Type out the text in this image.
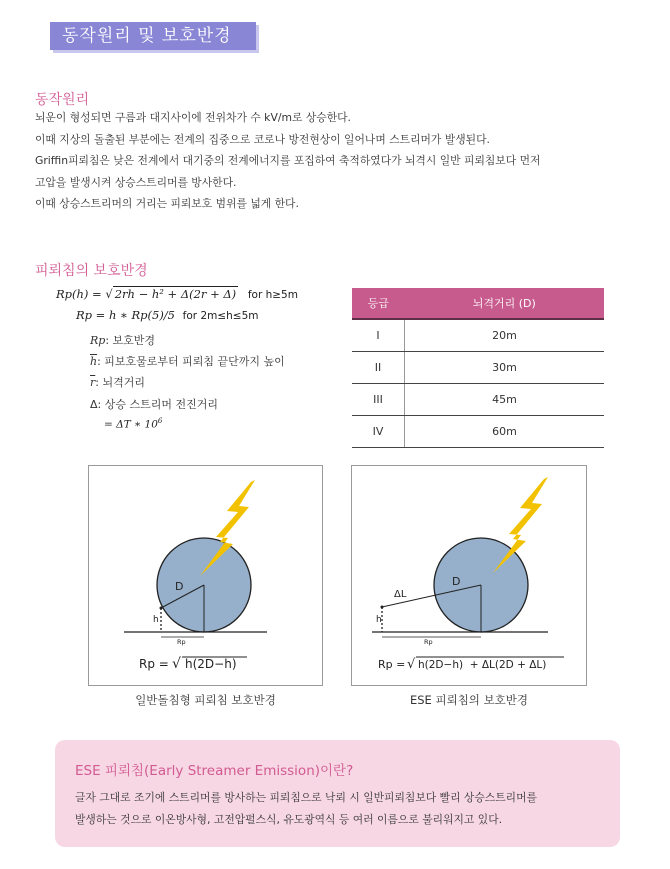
동작원리 및 보호반경
동작원리
뇌운이 형성되면 구름과 대지사이에 전위차가 수 kV/m로 상승한다.
이때 지상의 돌출된 부분에는 전계의 집중으로 코로나 방전현상이 일어나며 스트리머가 발생된다.
Griffin피뢰침은 낮은 전계에서 대기중의 전계에너지를 포집하여 축적하였다가 뇌격시 일반 피뢰침보다 먼저
고압을 발생시켜 상승스트리머를 방사한다.
이때 상승스트리머의 거리는 피뢰보호 범위를 넓게 한다.
피뢰침의 보호반경
Rp(h) = √ 2rh − h² + Δ(2r + Δ) for h≥5m
Rp = h ∗ Rp(5)/5 for 2m≤h≤5m
Rp: 보호반경
$\overline{h}$: 피보호물로부터 피뢰침 끝단까지 높이
$\overline{r}$: 뇌격거리
Δ: 상승 스트리머 전진거리
= ΔT ∗ $10^6$
등급	뇌격거리 (D)
I	20m
II	30m
III	45m
IV	60m
D
h
Rp
Rp = √ h(2D−h)
일반돌침형 피뢰침 보호반경
D
ΔL
h
Rp
Rp = √ h(2D−h)  + ΔL(2D + ΔL)
ESE 피뢰침의 보호반경
ESE 피뢰침(Early Streamer Emission)이란?
글자 그대로 조기에 스트리머를 방사하는 피뢰침으로 낙뢰 시 일반피뢰침보다 빨리 상승스트리머를
발생하는 것으로 이온방사형, 고전압펄스식, 유도광역식 등 여러 이름으로 불리워지고 있다.
